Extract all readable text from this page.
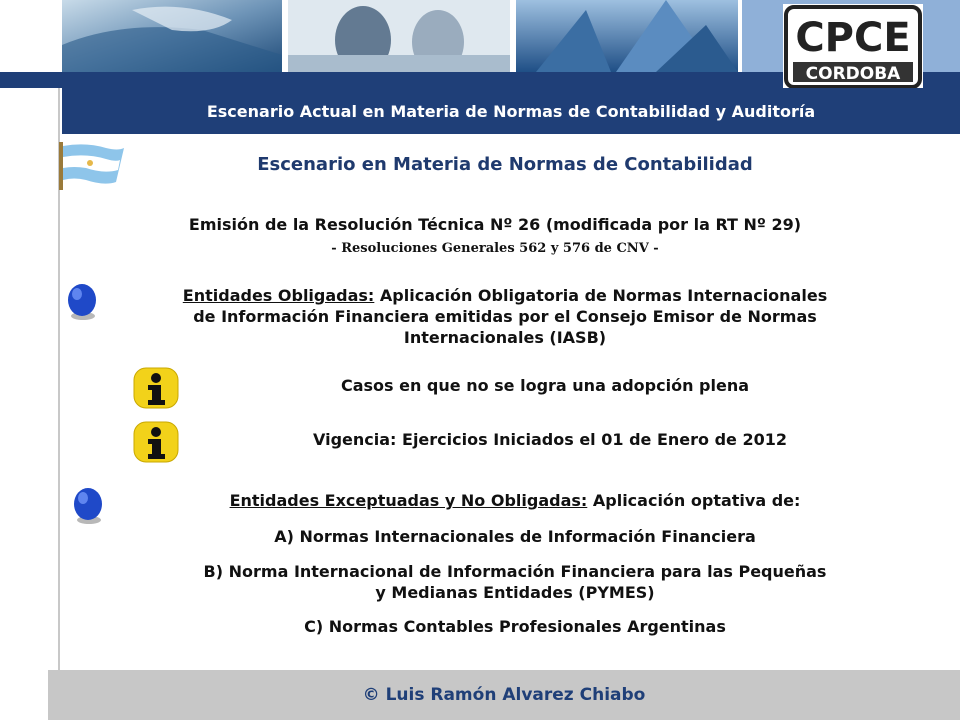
CPCE
CORDOBA
Escenario Actual en Materia de Normas de Contabilidad y Auditoría
Escenario en Materia de Normas de Contabilidad
Emisión de la Resolución Técnica Nº 26 (modificada por la RT Nº 29)
- Resoluciones Generales 562 y 576 de CNV -
Entidades Obligadas: Aplicación Obligatoria de Normas Internacionales
de Información Financiera emitidas por el Consejo Emisor de Normas
Internacionales (IASB)
Casos en que no se logra una adopción plena
Vigencia: Ejercicios Iniciados el 01 de Enero de 2012
Entidades Exceptuadas y No Obligadas: Aplicación optativa de:
A) Normas Internacionales de Información Financiera
B) Norma Internacional de Información Financiera para las Pequeñas
y Medianas Entidades (PYMES)
C) Normas Contables Profesionales Argentinas
© Luis Ramón Alvarez Chiabo
